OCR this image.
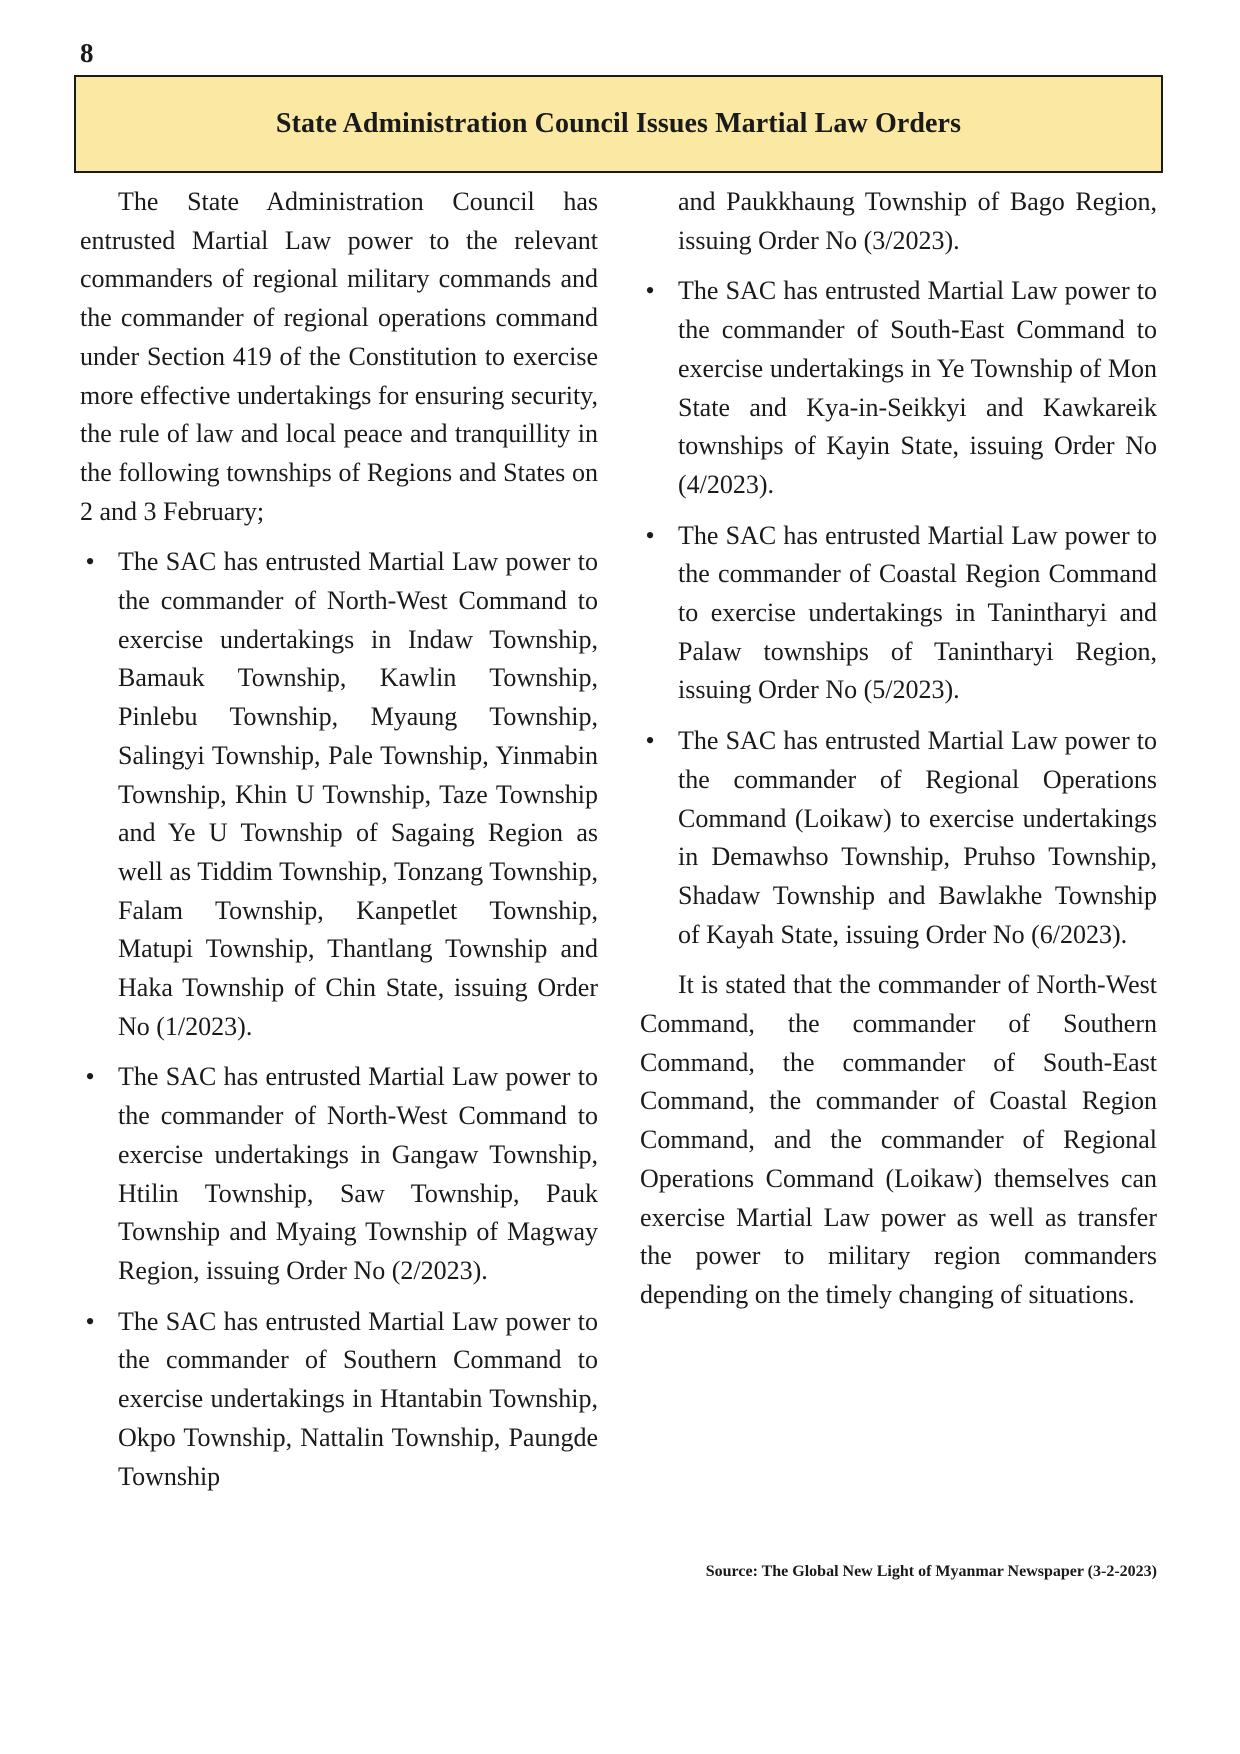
8
State Administration Council Issues Martial Law Orders

The State Administration Council has entrusted Martial Law power to the relevant commanders of regional military commands and the commander of regional operations command under Section 419 of the Constitution to exercise more effective undertakings for ensuring security, the rule of law and local peace and tranquillity in the following townships of Regions and States on 2 and 3 February;

• The SAC has entrusted Martial Law power to the commander of North-West Command to exercise undertakings in Indaw Township, Bamauk Township, Kawlin Township, Pinlebu Township, Myaung Township, Salingyi Township, Pale Township, Yinmabin Township, Khin U Township, Taze Township and Ye U Township of Sagaing Region as well as Tiddim Township, Tonzang Township, Falam Township, Kanpetlet Township, Matupi Township, Thantlang Township and Haka Township of Chin State, issuing Order No (1/2023).
• The SAC has entrusted Martial Law power to the commander of North-West Command to exercise undertakings in Gangaw Township, Htilin Township, Saw Township, Pauk Township and Myaing Township of Magway Region, issuing Order No (2/2023).
• The SAC has entrusted Martial Law power to the commander of Southern Command to exercise undertakings in Htantabin Township, Okpo Township, Nattalin Township, Paungde Township
and Paukkhaung Township of Bago Region, issuing Order No (3/2023).
• The SAC has entrusted Martial Law power to the commander of South-East Command to exercise undertakings in Ye Township of Mon State and Kya-in-Seikkyi and Kawkareik townships of Kayin State, issuing Order No (4/2023).
• The SAC has entrusted Martial Law power to the commander of Coastal Region Command to exercise undertakings in Tanintharyi and Palaw townships of Tanintharyi Region, issuing Order No (5/2023).
• The SAC has entrusted Martial Law power to the commander of Regional Operations Command (Loikaw) to exercise undertakings in Demawhso Township, Pruhso Township, Shadaw Township and Bawlakhe Township of Kayah State, issuing Order No (6/2023).

It is stated that the commander of North-West Command, the commander of Southern Command, the commander of South-East Command, the commander of Coastal Region Command, and the commander of Regional Operations Command (Loikaw) themselves can exercise Martial Law power as well as transfer the power to military region commanders depending on the timely changing of situations.

Source: The Global New Light of Myanmar Newspaper (3-2-2023)
